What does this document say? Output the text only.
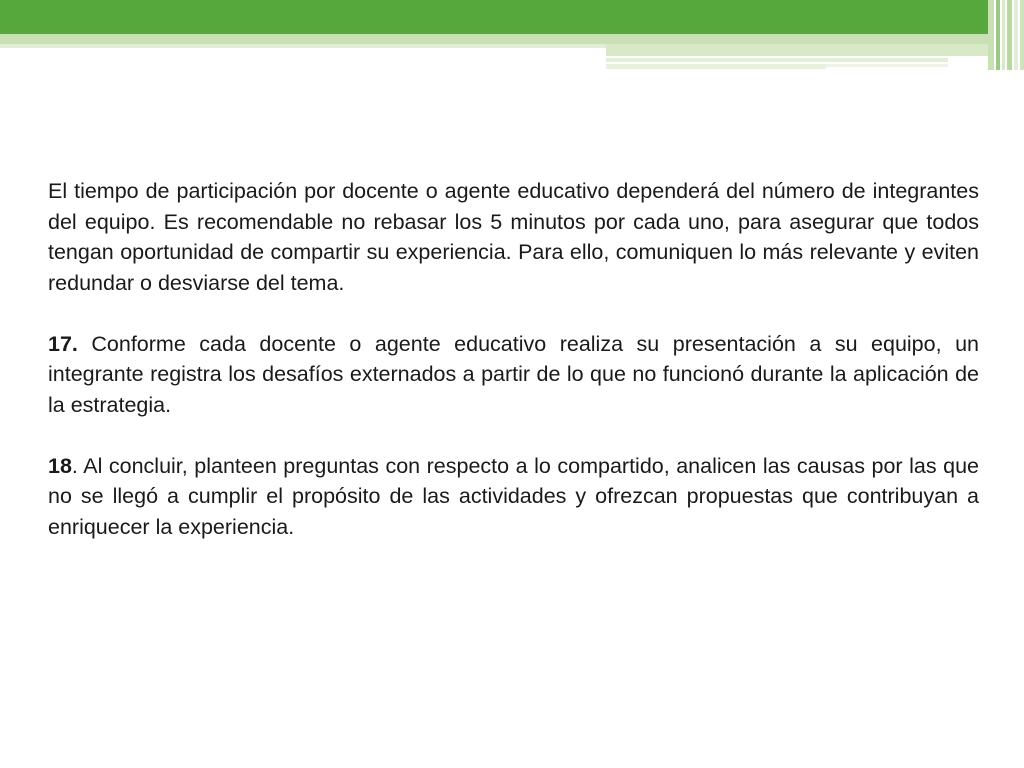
El tiempo de participación por docente o agente educativo dependerá del número de integrantes del equipo. Es recomendable no rebasar los 5 minutos por cada uno, para asegurar que todos tengan oportunidad de compartir su experiencia. Para ello, comuniquen lo más relevante y eviten redundar o desviarse del tema.

17. Conforme cada docente o agente educativo realiza su presentación a su equipo, un integrante registra los desafíos externados a partir de lo que no funcionó durante la aplicación de la estrategia.

18. Al concluir, planteen preguntas con respecto a lo compartido, analicen las causas por las que no se llegó a cumplir el propósito de las actividades y ofrezcan propuestas que contribuyan a enriquecer la experiencia.
